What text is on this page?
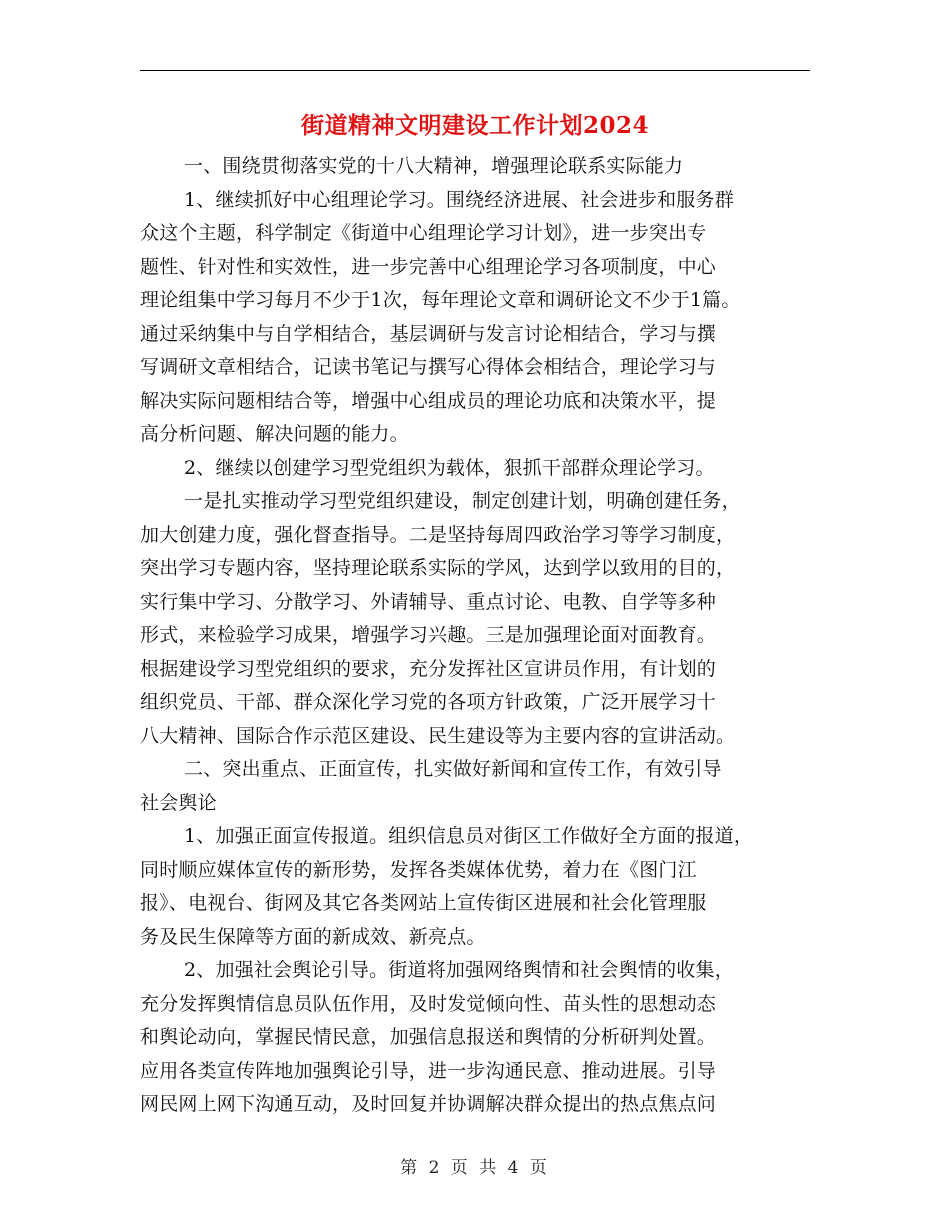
街道精神文明建设工作计划2024
一、围绕贯彻落实党的十八大精神，增强理论联系实际能力
1、继续抓好中心组理论学习。围绕经济进展、社会进步和服务群
众这个主题，科学制定《街道中心组理论学习计划》，进一步突出专
题性、针对性和实效性，进一步完善中心组理论学习各项制度，中心
理论组集中学习每月不少于1次，每年理论文章和调研论文不少于1篇。
通过采纳集中与自学相结合，基层调研与发言讨论相结合，学习与撰
写调研文章相结合，记读书笔记与撰写心得体会相结合，理论学习与
解决实际问题相结合等，增强中心组成员的理论功底和决策水平，提
高分析问题、解决问题的能力。
2、继续以创建学习型党组织为载体，狠抓干部群众理论学习。
一是扎实推动学习型党组织建设，制定创建计划，明确创建任务，
加大创建力度，强化督查指导。二是坚持每周四政治学习等学习制度，
突出学习专题内容，坚持理论联系实际的学风，达到学以致用的目的，
实行集中学习、分散学习、外请辅导、重点讨论、电教、自学等多种
形式，来检验学习成果，增强学习兴趣。三是加强理论面对面教育。
根据建设学习型党组织的要求，充分发挥社区宣讲员作用，有计划的
组织党员、干部、群众深化学习党的各项方针政策，广泛开展学习十
八大精神、国际合作示范区建设、民生建设等为主要内容的宣讲活动。
二、突出重点、正面宣传，扎实做好新闻和宣传工作，有效引导
社会舆论
1、加强正面宣传报道。组织信息员对街区工作做好全方面的报道，
同时顺应媒体宣传的新形势，发挥各类媒体优势，着力在《图门江
报》、电视台、街网及其它各类网站上宣传街区进展和社会化管理服
务及民生保障等方面的新成效、新亮点。
2、加强社会舆论引导。街道将加强网络舆情和社会舆情的收集，
充分发挥舆情信息员队伍作用，及时发觉倾向性、苗头性的思想动态
和舆论动向，掌握民情民意，加强信息报送和舆情的分析研判处置。
应用各类宣传阵地加强舆论引导，进一步沟通民意、推动进展。引导
网民网上网下沟通互动，及时回复并协调解决群众提出的热点焦点问
第 2 页 共 4 页
